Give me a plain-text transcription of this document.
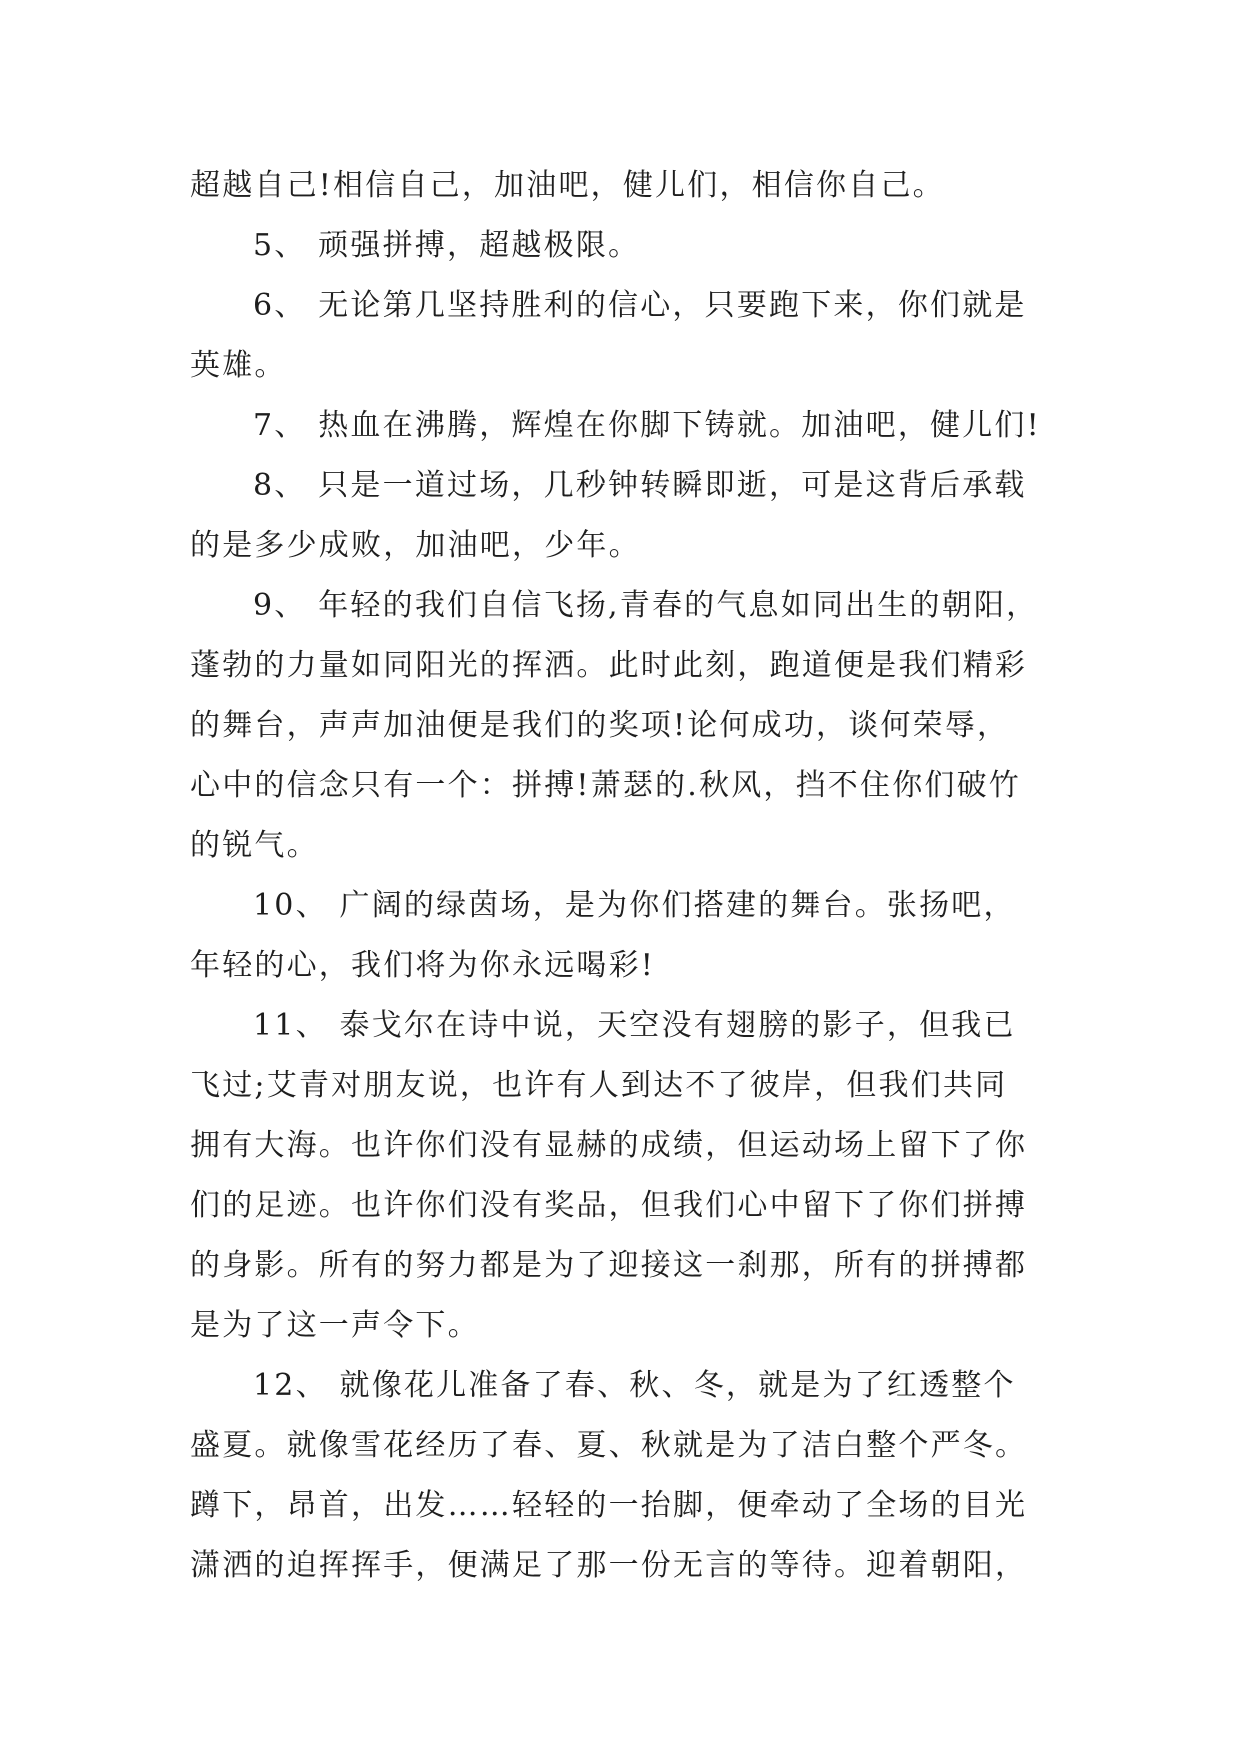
超越自己!相信自己，加油吧，健儿们，相信你自己。
5、 顽强拼搏，超越极限。
6、 无论第几坚持胜利的信心，只要跑下来，你们就是
英雄。
7、 热血在沸腾，辉煌在你脚下铸就。加油吧，健儿们!
8、 只是一道过场，几秒钟转瞬即逝，可是这背后承载
的是多少成败，加油吧，少年。
9、 年轻的我们自信飞扬,青春的气息如同出生的朝阳，
蓬勃的力量如同阳光的挥洒。此时此刻，跑道便是我们精彩
的舞台，声声加油便是我们的奖项!论何成功，谈何荣辱，
心中的信念只有一个：拼搏!萧瑟的.秋风，挡不住你们破竹
的锐气。
10、 广阔的绿茵场，是为你们搭建的舞台。张扬吧，
年轻的心，我们将为你永远喝彩!
11、 泰戈尔在诗中说，天空没有翅膀的影子，但我已
飞过;艾青对朋友说，也许有人到达不了彼岸，但我们共同
拥有大海。也许你们没有显赫的成绩，但运动场上留下了你
们的足迹。也许你们没有奖品，但我们心中留下了你们拼搏
的身影。所有的努力都是为了迎接这一刹那，所有的拼搏都
是为了这一声令下。
12、 就像花儿准备了春、秋、冬，就是为了红透整个
盛夏。就像雪花经历了春、夏、秋就是为了洁白整个严冬。
蹲下，昂首，出发……轻轻的一抬脚，便牵动了全场的目光
潇洒的迫挥挥手，便满足了那一份无言的等待。迎着朝阳，
